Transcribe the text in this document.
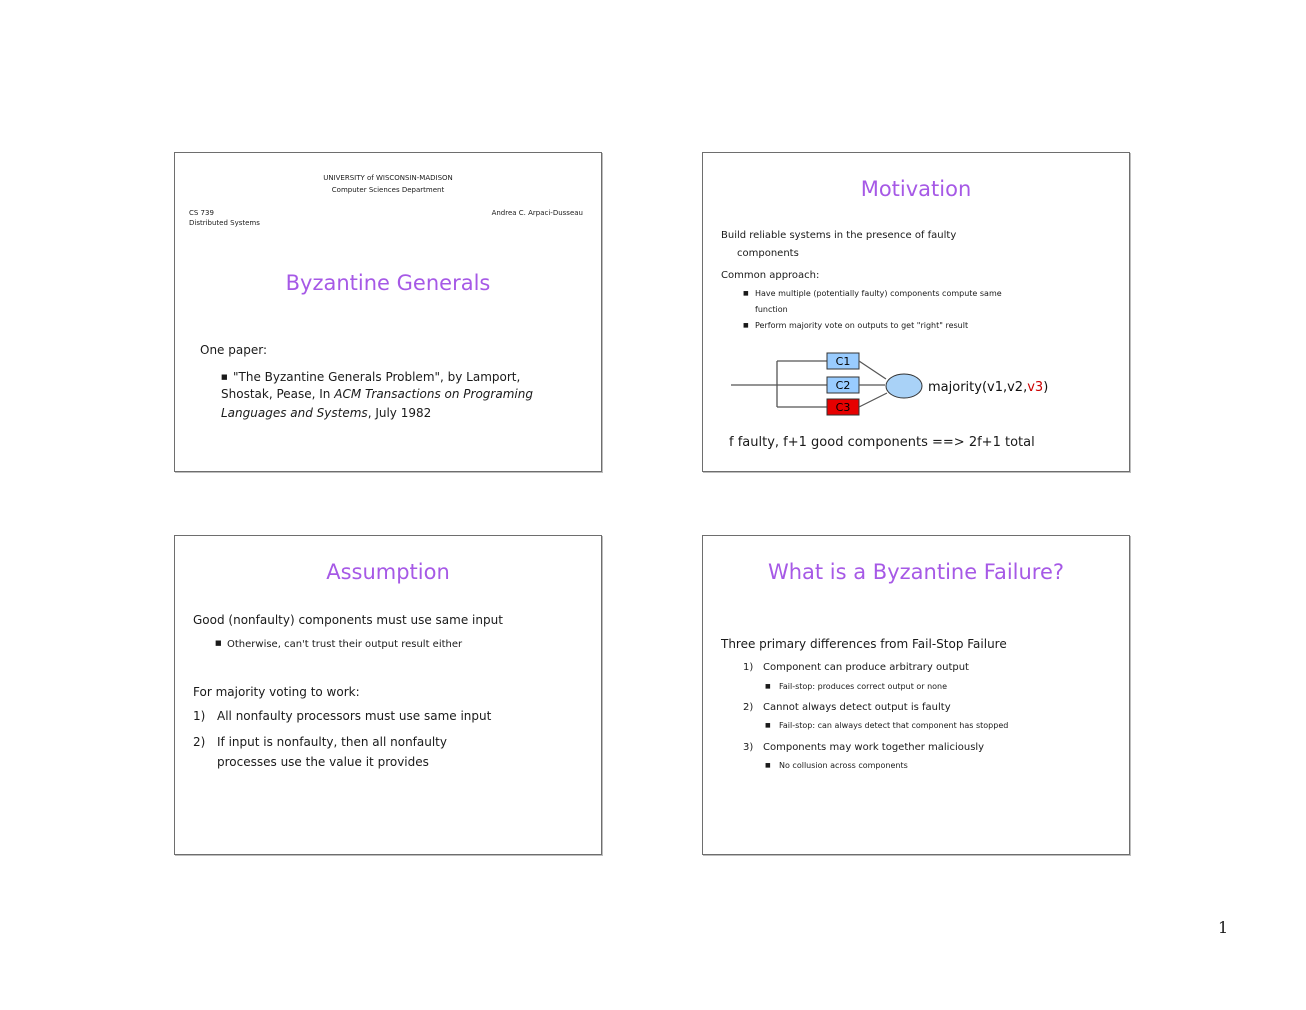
UNIVERSITY of WISCONSIN-MADISON
Computer Sciences Department
CS 739
Distributed Systems
Andrea C. Arpaci-Dusseau
Byzantine Generals
One paper:
■ "The Byzantine Generals Problem", by Lamport,
Shostak, Pease, In ACM Transactions on Programing
Languages and Systems, July 1982
Motivation
Build reliable systems in the presence of faulty
components
Common approach:
■ Have multiple (potentially faulty) components compute same
function
■ Perform majority vote on outputs to get "right" result
C1
C2
C3
majority(v1,v2,v3)
f faulty, f+1 good components ==> 2f+1 total
Assumption
Good (nonfaulty) components must use same input
■ Otherwise, can't trust their output result either
For majority voting to work:
1) All nonfaulty processors must use same input
2) If input is nonfaulty, then all nonfaulty
processes use the value it provides
What is a Byzantine Failure?
Three primary differences from Fail-Stop Failure
1) Component can produce arbitrary output
■ Fail-stop: produces correct output or none
2) Cannot always detect output is faulty
■ Fail-stop: can always detect that component has stopped
3) Components may work together maliciously
■ No collusion across components
1
